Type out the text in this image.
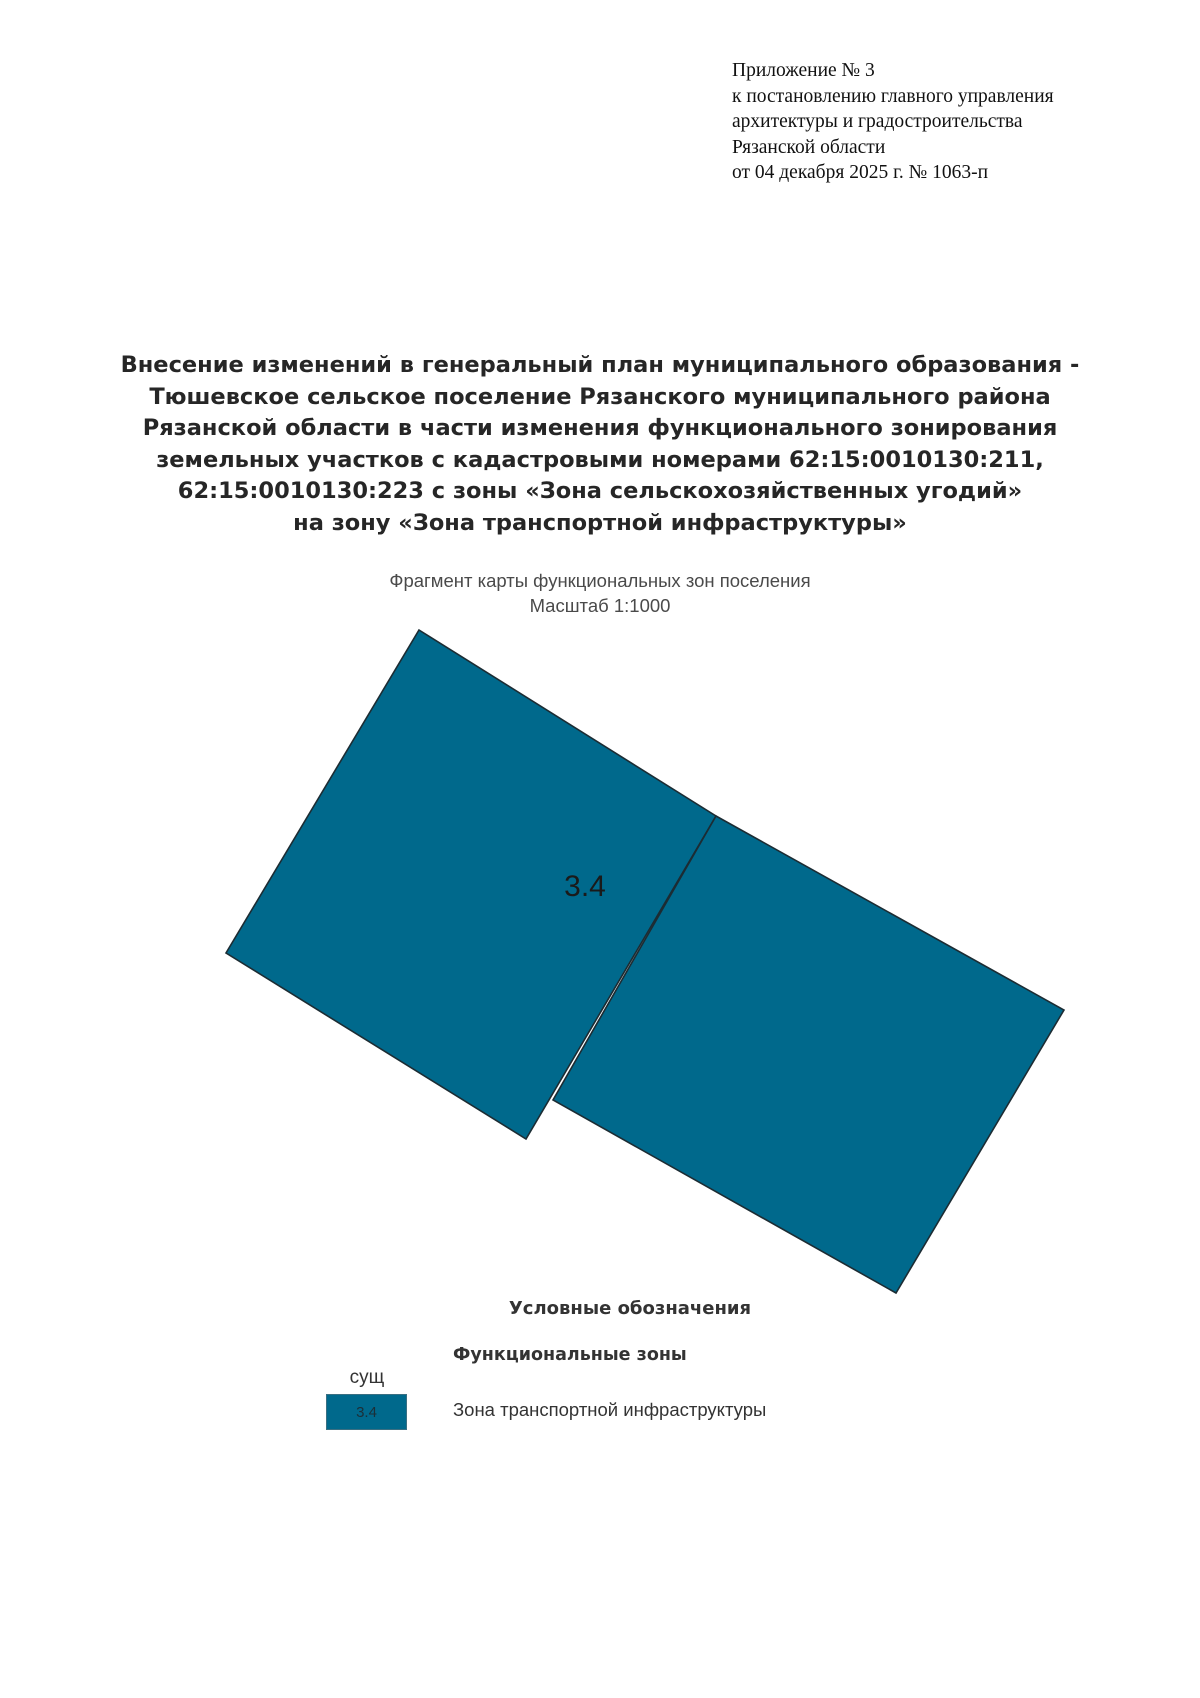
Приложение № 3
к постановлению главного управления
архитектуры и градостроительства
Рязанской области
от 04 декабря 2025 г. № 1063-п
Внесение изменений в генеральный план муниципального образования -
Тюшевское сельское поселение Рязанского муниципального района
Рязанской области в части изменения функционального зонирования
земельных участков с кадастровыми номерами 62:15:0010130:211,
62:15:0010130:223 с зоны «Зона сельскохозяйственных угодий»
на зону «Зона транспортной инфраструктуры»
Фрагмент карты функциональных зон поселения
Масштаб 1:1000
3.4
Условные обозначения
Функциональные зоны
сущ
3.4	Зона транспортной инфраструктуры
